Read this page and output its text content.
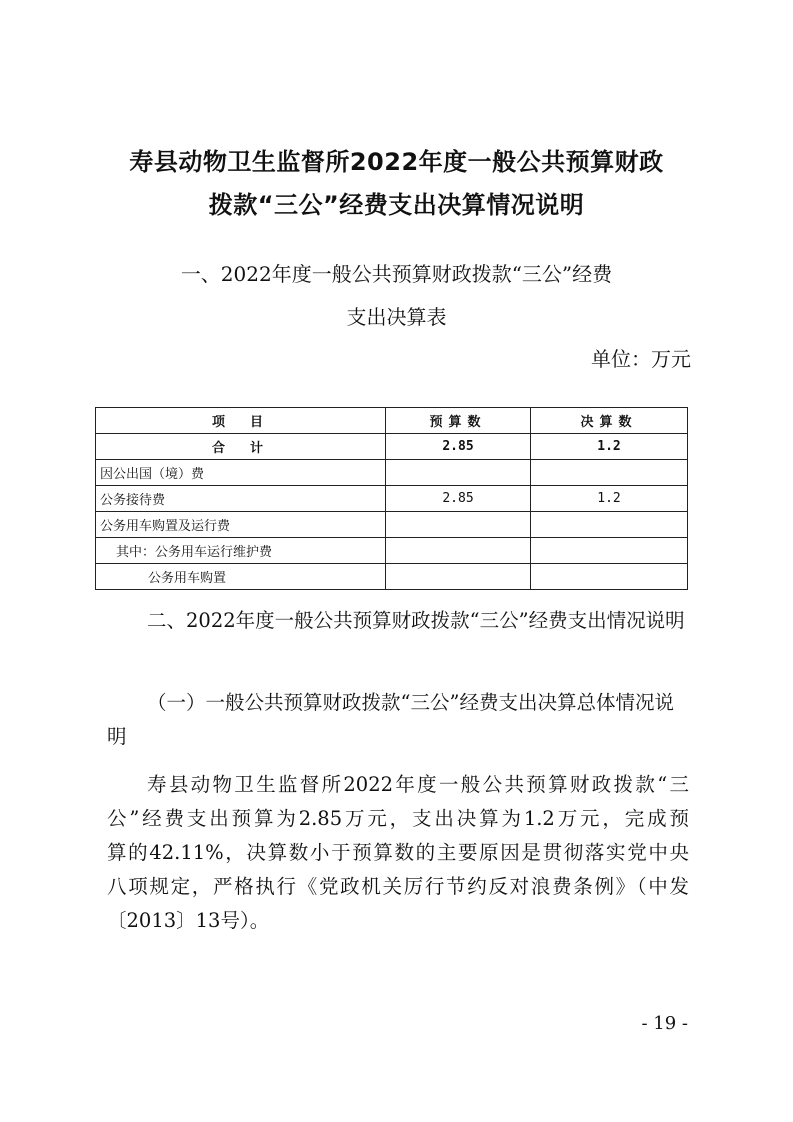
寿县动物卫生监督所2022年度一般公共预算财政
拨款“三公”经费支出决算情况说明
一、2022年度一般公共预算财政拨款“三公”经费
支出决算表
单位：万元
项　目	预算数	决算数
合　计	2.85	1.2
因公出国（境）费		
公务接待费	2.85	1.2
公务用车购置及运行费		
其中：公务用车运行维护费		
公务用车购置		
二、2022年度一般公共预算财政拨款“三公”经费支出情况说明
（一）一般公共预算财政拨款“三公”经费支出决算总体情况说明
寿县动物卫生监督所2022年度一般公共预算财政拨款“三
公”经费支出预算为2.85万元，支出决算为1.2万元，完成预
算的42.11%，决算数小于预算数的主要原因是贯彻落实党中央
八项规定，严格执行《党政机关厉行节约反对浪费条例》（中发
〔2013〕13号）。
- 19 -
